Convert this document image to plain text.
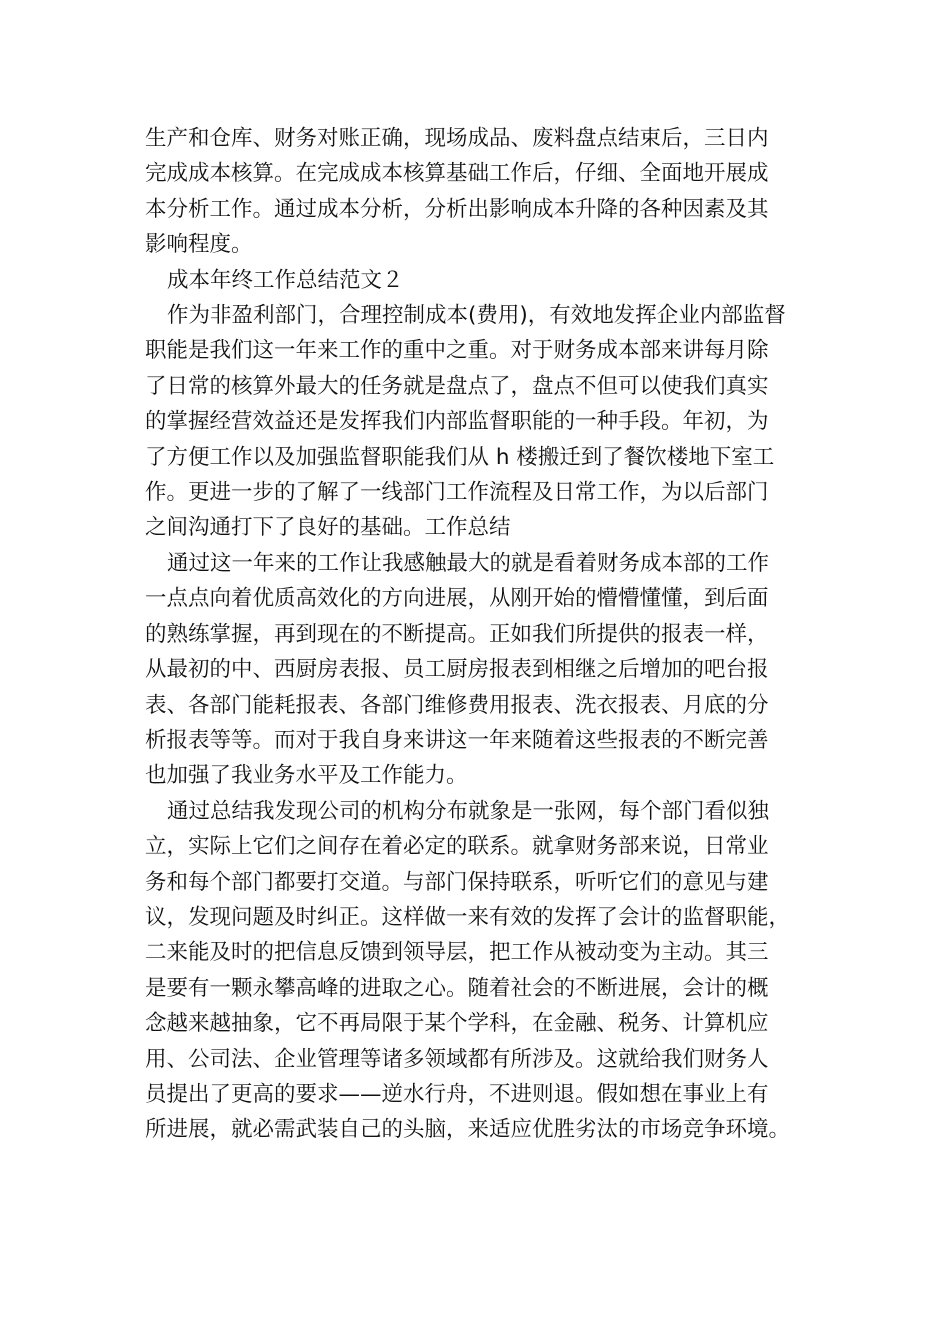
生产和仓库、财务对账正确，现场成品、废料盘点结束后，三日内
完成成本核算。在完成成本核算基础工作后，仔细、全面地开展成
本分析工作。通过成本分析，分析出影响成本升降的各种因素及其
影响程度。
成本年终工作总结范文２
作为非盈利部门，合理控制成本(费用)，有效地发挥企业内部监督
职能是我们这一年来工作的重中之重。对于财务成本部来讲每月除
了日常的核算外最大的任务就是盘点了，盘点不但可以使我们真实
的掌握经营效益还是发挥我们内部监督职能的一种手段。年初，为
了方便工作以及加强监督职能我们从 h 楼搬迁到了餐饮楼地下室工
作。更进一步的了解了一线部门工作流程及日常工作，为以后部门
之间沟通打下了良好的基础。工作总结
通过这一年来的工作让我感触最大的就是看着财务成本部的工作
一点点向着优质高效化的方向进展，从刚开始的懵懵懂懂，到后面
的熟练掌握，再到现在的不断提高。正如我们所提供的报表一样，
从最初的中、西厨房表报、员工厨房报表到相继之后增加的吧台报
表、各部门能耗报表、各部门维修费用报表、洗衣报表、月底的分
析报表等等。而对于我自身来讲这一年来随着这些报表的不断完善
也加强了我业务水平及工作能力。
通过总结我发现公司的机构分布就象是一张网，每个部门看似独
立，实际上它们之间存在着必定的联系。就拿财务部来说，日常业
务和每个部门都要打交道。与部门保持联系，听听它们的意见与建
议，发现问题及时纠正。这样做一来有效的发挥了会计的监督职能，
二来能及时的把信息反馈到领导层，把工作从被动变为主动。其三
是要有一颗永攀高峰的进取之心。随着社会的不断进展，会计的概
念越来越抽象，它不再局限于某个学科，在金融、税务、计算机应
用、公司法、企业管理等诸多领域都有所涉及。这就给我们财务人
员提出了更高的要求——逆水行舟，不进则退。假如想在事业上有
所进展，就必需武装自己的头脑，来适应优胜劣汰的市场竞争环境。
